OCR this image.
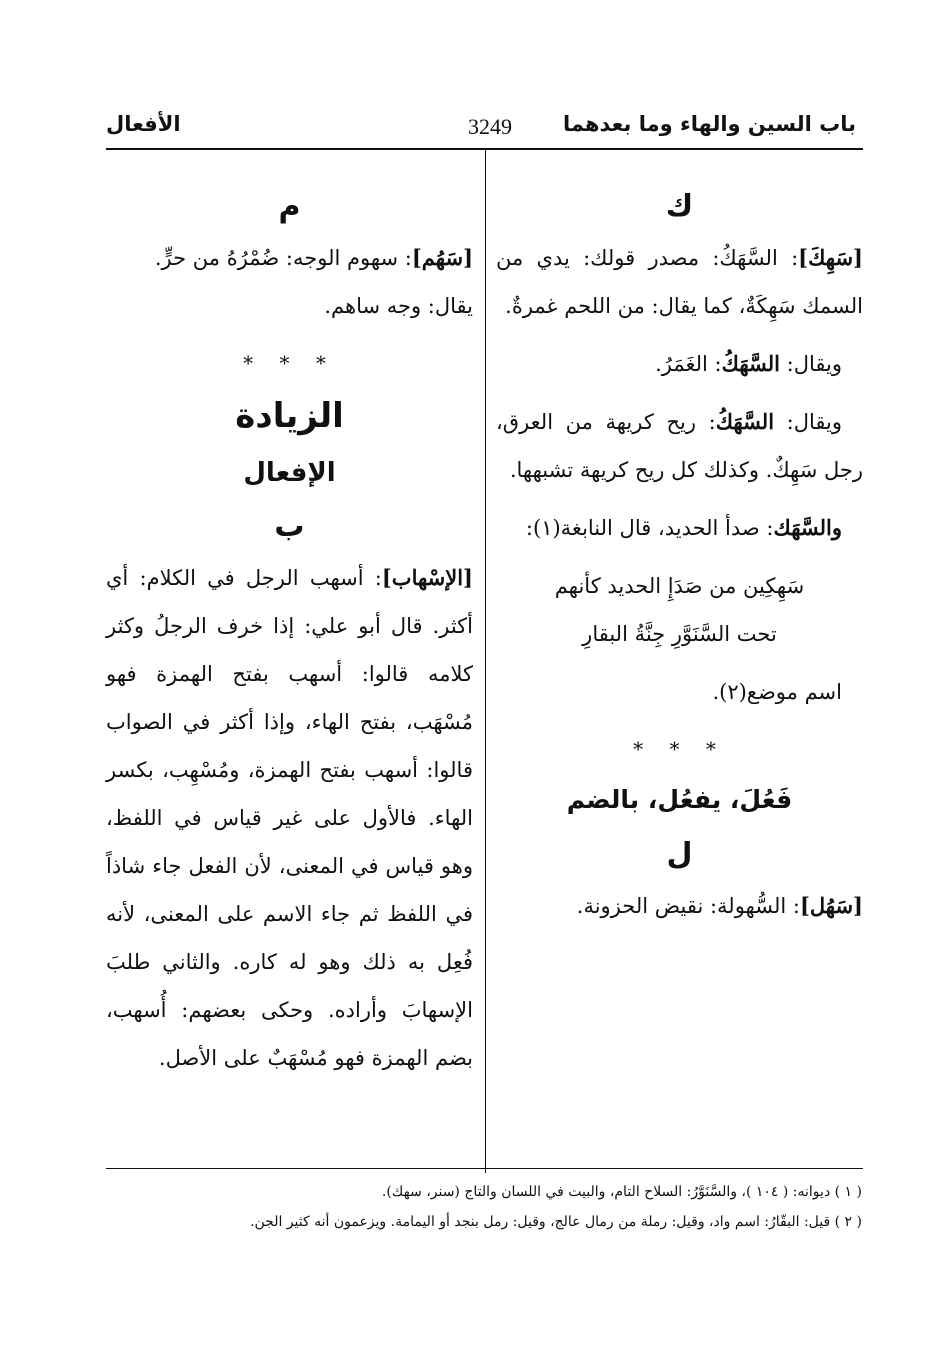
باب السين والهاء وما بعدهما
3249
الأفعال
ك

[سَهِكَ]: السَّهَكُ: مصدر قولك: يدي من السمك سَهِكَةٌ، كما يقال: من اللحم غمرةٌ.

 ويقال: السَّهَكُ: الغَمَرُ.

 ويقال: السَّهَكُ: ريح كريهة من العرق، رجل سَهِكٌ. وكذلك كل ريح كريهة تشبهها.

 والسَّهَك: صدأ الحديد، قال النابغة(١):

سَهِكِين من صَدَإِ الحديد كأنهم

تحت السَّنَوَّرِ جِنَّةُ البقارِ

 اسم موضع(٢).

* * *
فَعُلَ، يفعُل، بالضم
ل

[سَهُل]: السُّهولة: نقيض الحزونة.

م

[سَهُم]: سهوم الوجه: ضُمْرُهُ من حرٍّ.

يقال: وجه ساهم.

* * *
الزيادة
الإفعال
ب

[الإسْهاب]: أسهب الرجل في الكلام: أي أكثر. قال أبو علي: إذا خرف الرجلُ وكثر كلامه قالوا: أسهب بفتح الهمزة فهو مُسْهَب، بفتح الهاء، وإذا أكثر في الصواب قالوا: أسهب بفتح الهمزة، ومُسْهِب، بكسر الهاء. فالأول على غير قياس في اللفظ، وهو قياس في المعنى، لأن الفعل جاء شاذاً في اللفظ ثم جاء الاسم على المعنى، لأنه فُعِل به ذلك وهو له كاره. والثاني طلبَ الإسهابَ وأراده. وحكى بعضهم: أُسهب، بضم الهمزة فهو مُسْهَبٌ على الأصل.

( ١ ) ديوانه: ( ١٠٤ )، والسَّنَوَّرُ: السلاح التام، والبيت في اللسان والتاج (سنر، سهك).
( ٢ ) قيل: البقّارُ: اسم واد، وقيل: رملة من رمال عالج، وقيل: رمل بنجد أو اليمامة. ويزعمون أنه كثير الجن.
